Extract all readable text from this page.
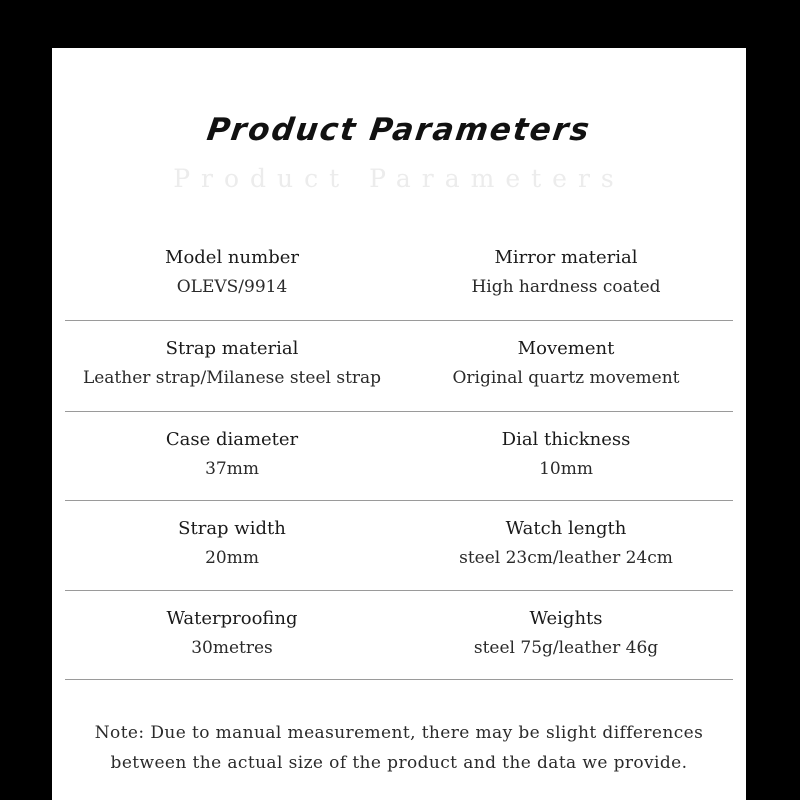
Product Parameters
Product Parameters
Model number
OLEVS/9914
Mirror material
High hardness coated
Strap material
Leather strap/Milanese steel strap
Movement
Original quartz movement
Case diameter
37mm
Dial thickness
10mm
Strap width
20mm
Watch length
steel 23cm/leather 24cm
Waterproofing
30metres
Weights
steel 75g/leather 46g
Note: Due to manual measurement, there may be slight differences
between the actual size of the product and the data we provide.
